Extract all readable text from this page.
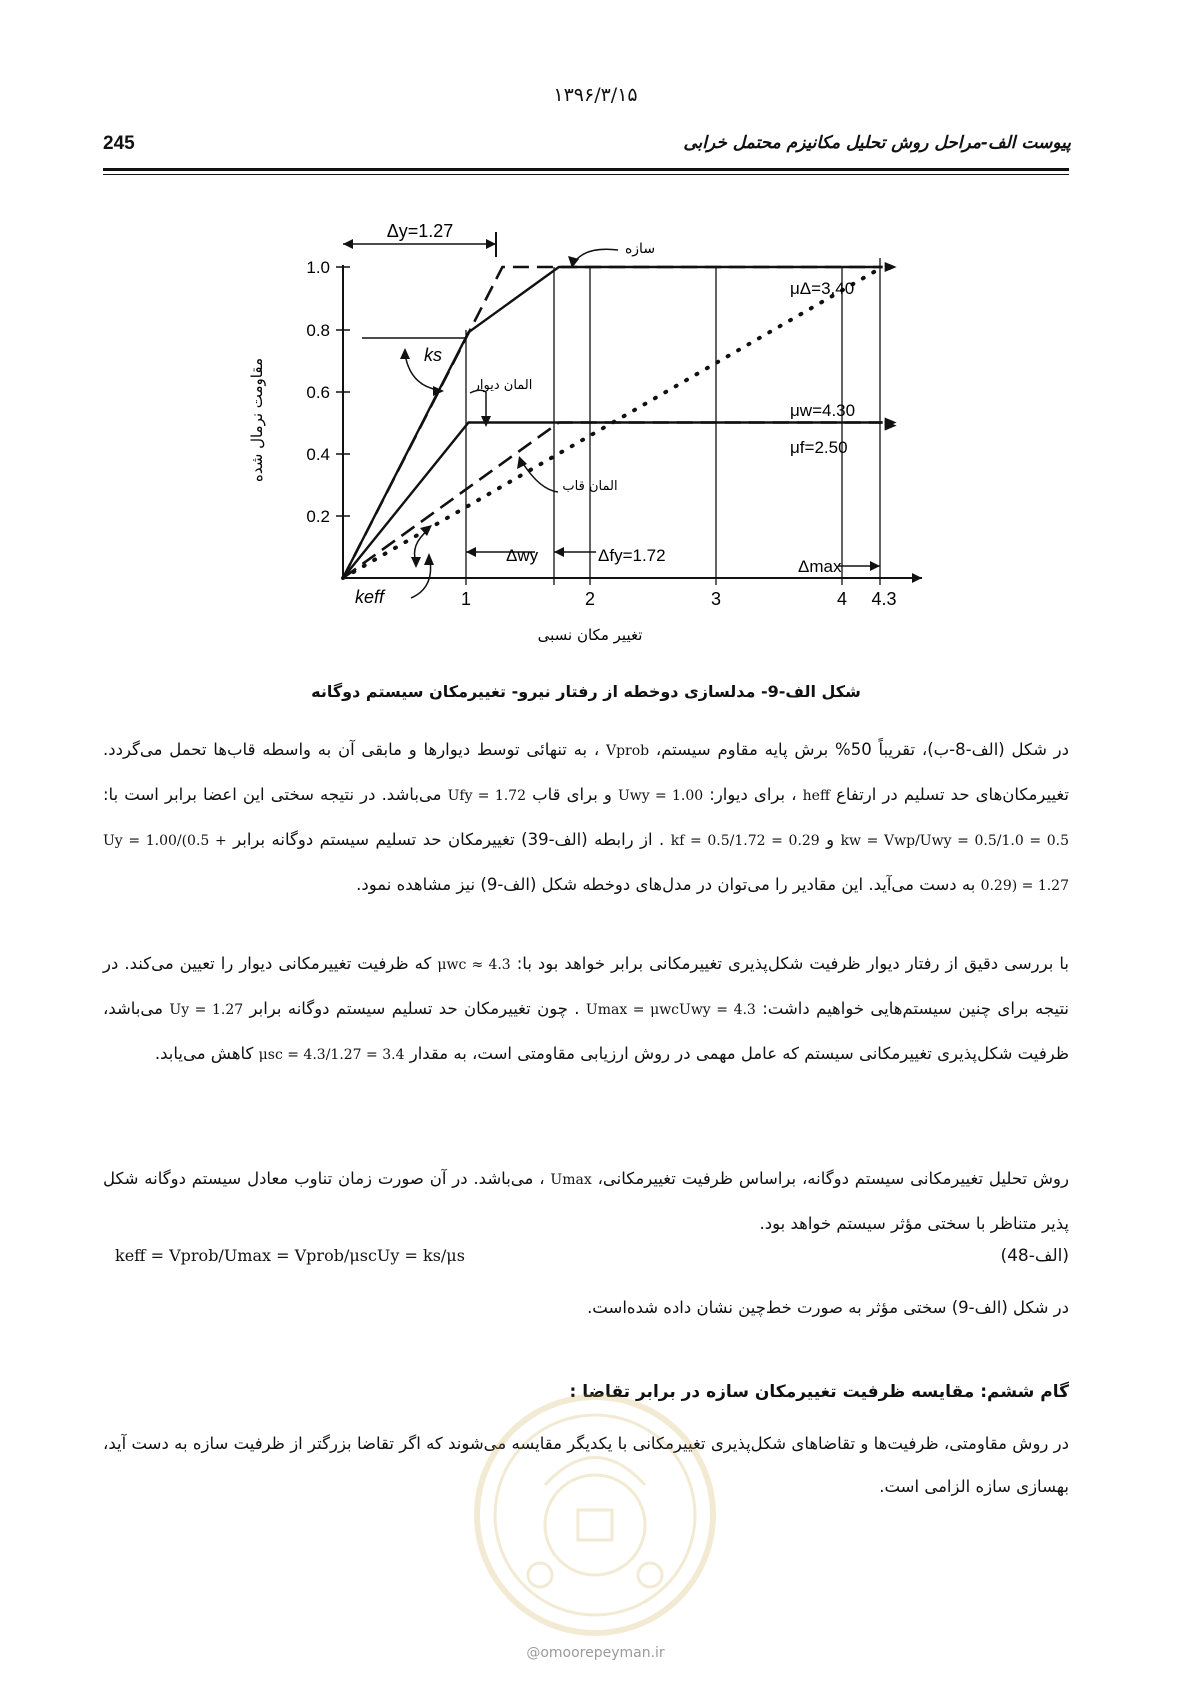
۱۳۹۶/۳/۱۵
245	پیوست الف-مراحل روش تحلیل مکانیزم محتمل خرابی
1.0
0.8
0.6
0.4
0.2
1	2	3	4 4.3
تغییر مکان نسبی
مقاومت نرمال شده
Δy=1.27
سازه
μΔ=3.40
μw=4.30
μf=2.50
المان دیوار
المان قاب
ks
keff
Δwy	Δfy=1.72
Δmax
شکل الف-9- مدلسازی دوخطه از رفتار نیرو- تغییرمکان سیستم دوگانه
در شکل (الف-8-ب)، تقریباً 50% برش پایه مقاوم سیستم، Vprob ، به تنهائی توسط دیوارها و مابقی آن به واسطه قاب‌ها تحمل می‌گردد. تغییرمکان‌های حد تسلیم در ارتفاع heff ، برای دیوار: Uwy = 1.00 و برای قاب Ufy = 1.72 می‌باشد. در نتیجه سختی این اعضا برابر است با: kw = Vwp/Uwy = 0.5/1.0 = 0.5 و kf = 0.5/1.72 = 0.29 . از رابطه (الف-39) تغییرمکان حد تسلیم سیستم دوگانه برابر Uy = 1.00/(0.5 + 0.29) = 1.27 به دست می‌آید. این مقادیر را می‌توان در مدل‌های دوخطه شکل (الف-9) نیز مشاهده نمود.
با بررسی دقیق از رفتار دیوار ظرفیت شکل‌پذیری تغییرمکانی برابر خواهد بود با: μwc ≈ 4.3 که ظرفیت تغییرمکانی دیوار را تعیین می‌کند. در نتیجه برای چنین سیستم‌هایی خواهیم داشت: Umax = μwcUwy = 4.3 . چون تغییرمکان حد تسلیم سیستم دوگانه برابر Uy = 1.27 می‌باشد، ظرفیت شکل‌پذیری تغییرمکانی سیستم که عامل مهمی در روش ارزیابی مقاومتی است، به مقدار μsc = 4.3/1.27 = 3.4 کاهش می‌یابد.
روش تحلیل تغییرمکانی سیستم دوگانه، براساس ظرفیت تغییرمکانی، Umax ، می‌باشد. در آن صورت زمان تناوب معادل سیستم دوگانه شکل پذیر متناظر با سختی مؤثر سیستم خواهد بود.
keff = Vprob/Umax = Vprob/μscUy = ks/μs	(الف-48)
در شکل (الف-9) سختی مؤثر به صورت خط‌چین نشان داده شده‌است.
گام ششم: مقایسه ظرفیت تغییرمکان سازه در برابر تقاضا :
در روش مقاومتی، ظرفیت‌ها و تقاضاهای شکل‌پذیری تغییرمکانی با یکدیگر مقایسه می‌شوند که اگر تقاضا بزرگتر از ظرفیت سازه به دست آید، بهسازی سازه الزامی است.
@omoorepeyman.ir
